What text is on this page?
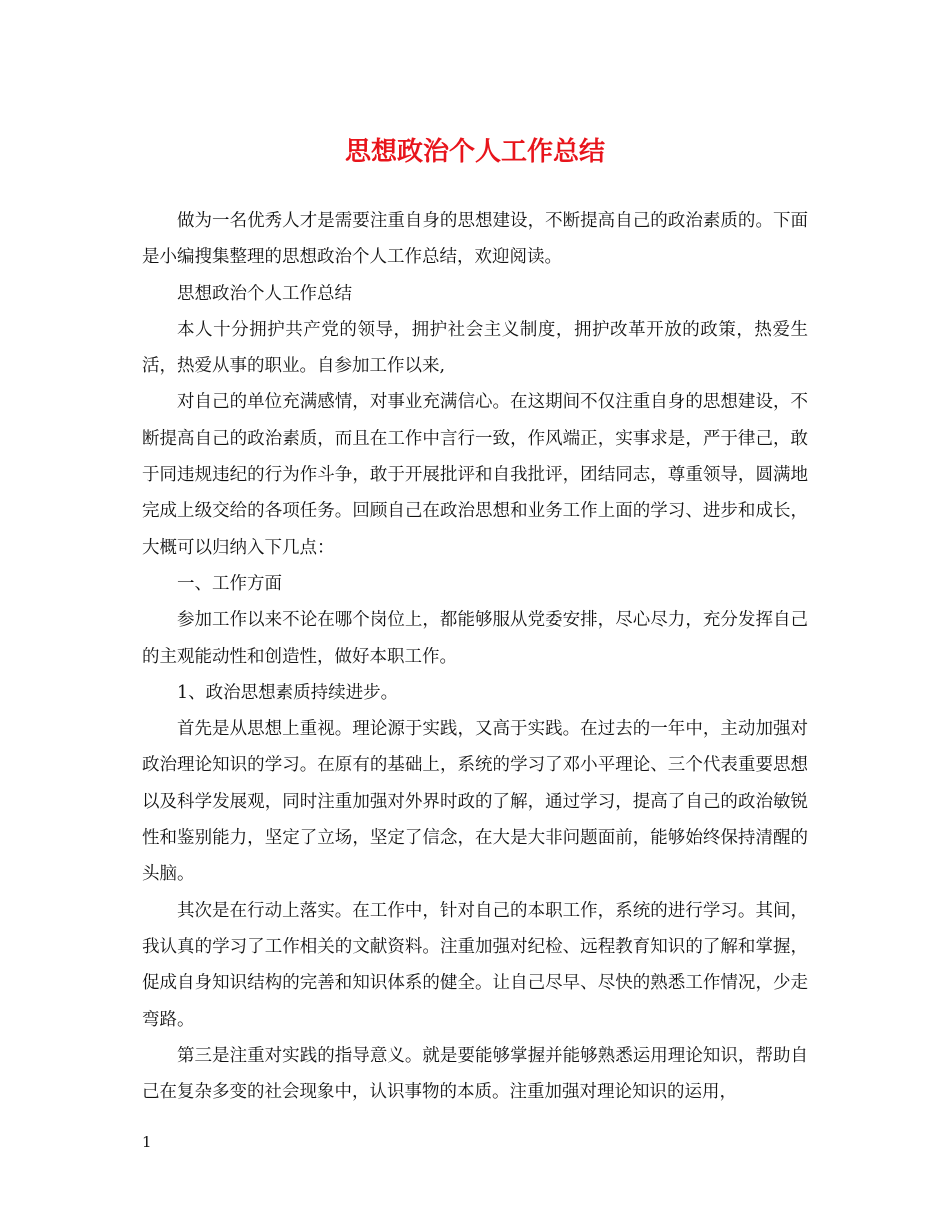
思想政治个人工作总结

做为一名优秀人才是需要注重自身的思想建设，不断提高自己的政治素质的。下面是小编搜集整理的思想政治个人工作总结，欢迎阅读。

思想政治个人工作总结

本人十分拥护共产党的领导，拥护社会主义制度，拥护改革开放的政策，热爱生活，热爱从事的职业。自参加工作以来,

对自己的单位充满感情，对事业充满信心。在这期间不仅注重自身的思想建设，不断提高自己的政治素质，而且在工作中言行一致，作风端正，实事求是，严于律己，敢于同违规违纪的行为作斗争，敢于开展批评和自我批评，团结同志，尊重领导，圆满地完成上级交给的各项任务。回顾自己在政治思想和业务工作上面的学习、进步和成长，大概可以归纳入下几点：

一、工作方面

参加工作以来不论在哪个岗位上，都能够服从党委安排，尽心尽力，充分发挥自己的主观能动性和创造性，做好本职工作。

1、政治思想素质持续进步。

首先是从思想上重视。理论源于实践，又高于实践。在过去的一年中，主动加强对政治理论知识的学习。在原有的基础上，系统的学习了邓小平理论、三个代表重要思想以及科学发展观，同时注重加强对外界时政的了解，通过学习，提高了自己的政治敏锐性和鉴别能力，坚定了立场，坚定了信念，在大是大非问题面前，能够始终保持清醒的头脑。

其次是在行动上落实。在工作中，针对自己的本职工作，系统的进行学习。其间，我认真的学习了工作相关的文献资料。注重加强对纪检、远程教育知识的了解和掌握，促成自身知识结构的完善和知识体系的健全。让自己尽早、尽快的熟悉工作情况，少走弯路。

第三是注重对实践的指导意义。就是要能够掌握并能够熟悉运用理论知识，帮助自己在复杂多变的社会现象中，认识事物的本质。注重加强对理论知识的运用，

1
